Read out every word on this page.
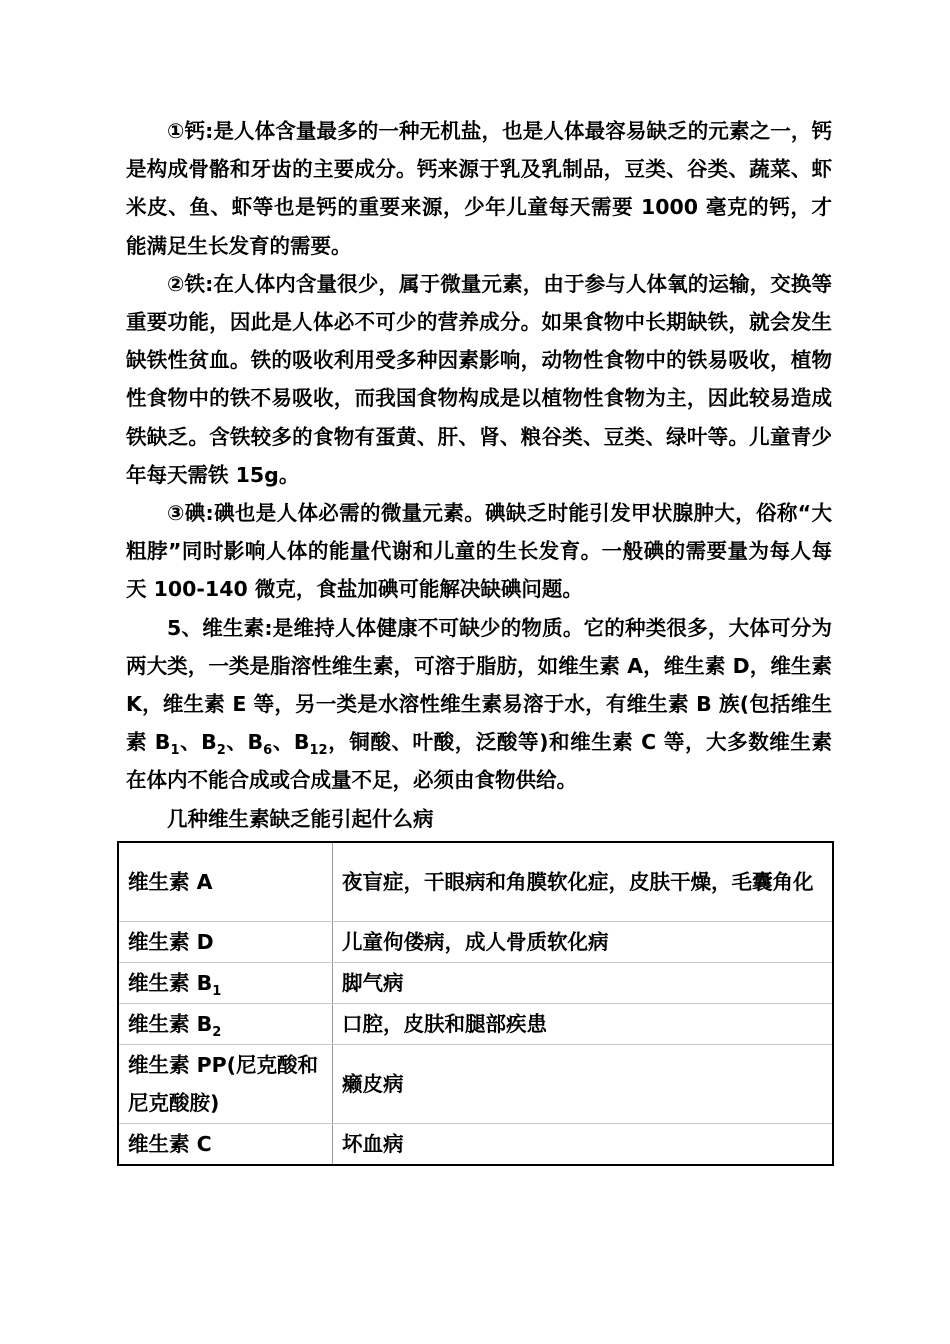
①钙:是人体含量最多的一种无机盐，也是人体最容易缺乏的元素之一，钙是构成骨骼和牙齿的主要成分。钙来源于乳及乳制品，豆类、谷类、蔬菜、虾米皮、鱼、虾等也是钙的重要来源，少年儿童每天需要 1000 毫克的钙，才能满足生长发育的需要。

②铁:在人体内含量很少，属于微量元素，由于参与人体氧的运输，交换等重要功能，因此是人体必不可少的营养成分。如果食物中长期缺铁，就会发生缺铁性贫血。铁的吸收利用受多种因素影响，动物性食物中的铁易吸收，植物性食物中的铁不易吸收，而我国食物构成是以植物性食物为主，因此较易造成铁缺乏。含铁较多的食物有蛋黄、肝、肾、粮谷类、豆类、绿叶等。儿童青少年每天需铁 15g。

③碘:碘也是人体必需的微量元素。碘缺乏时能引发甲状腺肿大，俗称“大粗脖”同时影响人体的能量代谢和儿童的生长发育。一般碘的需要量为每人每天 100-140 微克，食盐加碘可能解决缺碘问题。

5、维生素:是维持人体健康不可缺少的物质。它的种类很多，大体可分为两大类，一类是脂溶性维生素，可溶于脂肪，如维生素 A，维生素 D，维生素 K，维生素 E 等，另一类是水溶性维生素易溶于水，有维生素 B 族(包括维生素 $B_1$、$B_2$、$B_6$、$B_{12}$，铜酸、叶酸，泛酸等)和维生素 C 等，大多数维生素在体内不能合成或合成量不足，必须由食物供给。

几种维生素缺乏能引起什么病

维生素 A	夜盲症，干眼病和角膜软化症，皮肤干燥，毛囊角化
维生素 D	儿童佝偻病，成人骨质软化病
维生素 $B_1$	脚气病
维生素 $B_2$	口腔，皮肤和腿部疾患
维生素 PP(尼克酸和尼克酸胺)	癞皮病
维生素 C	坏血病
